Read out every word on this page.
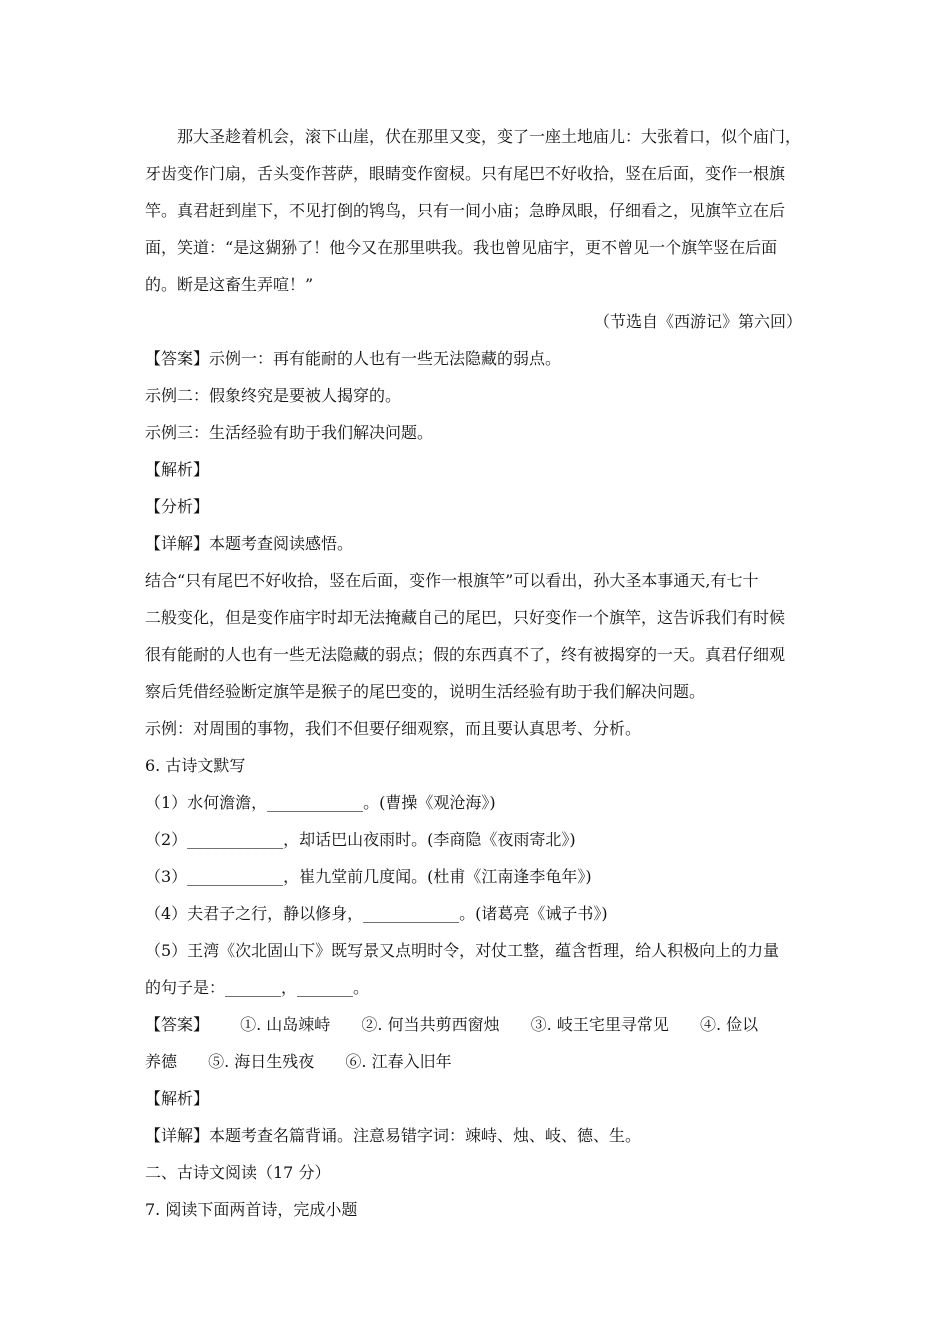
那大圣趁着机会，滚下山崖，伏在那里又变，变了一座土地庙儿：大张着口，似个庙门，
牙齿变作门扇，舌头变作菩萨，眼睛变作窗棂。只有尾巴不好收拾，竖在后面，变作一根旗
竿。真君赶到崖下，不见打倒的鸨鸟，只有一间小庙；急睁凤眼，仔细看之，见旗竿立在后
面，笑道：“是这猢狲了！他今又在那里哄我。我也曾见庙宇，更不曾见一个旗竿竖在后面
的。断是这畜生弄喧！”
（节选自《西游记》第六回）
【答案】示例一：再有能耐的人也有一些无法隐藏的弱点。
示例二：假象终究是要被人揭穿的。
示例三：生活经验有助于我们解决问题。
【解析】
【分析】
【详解】本题考查阅读感悟。
结合“只有尾巴不好收拾，竖在后面，变作一根旗竿”可以看出，孙大圣本事通天,有七十
二般变化，但是变作庙宇时却无法掩藏自己的尾巴，只好变作一个旗竿，这告诉我们有时候
很有能耐的人也有一些无法隐藏的弱点；假的东西真不了，终有被揭穿的一天。真君仔细观
察后凭借经验断定旗竿是猴子的尾巴变的，说明生活经验有助于我们解决问题。
示例：对周围的事物，我们不但要仔细观察，而且要认真思考、分析。
6. 古诗文默写
（1）水何澹澹，____________。(曹操《观沧海》)
（2）____________，却话巴山夜雨时。(李商隐《夜雨寄北》)
（3）____________，崔九堂前几度闻。(杜甫《江南逢李龟年》)
（4）夫君子之行，静以修身，____________。(诸葛亮《诫子书》)
（5）王湾《次北固山下》既写景又点明时令，对仗工整，蕴含哲理，给人积极向上的力量
的句子是：_______，_______。
【答案】 ①. 山岛竦峙 ②. 何当共剪西窗烛 ③. 岐王宅里寻常见 ④. 俭以
养德 ⑤. 海日生残夜 ⑥. 江春入旧年
【解析】
【详解】本题考查名篇背诵。注意易错字词：竦峙、烛、岐、德、生。
二、古诗文阅读（17 分）
7. 阅读下面两首诗，完成小题
